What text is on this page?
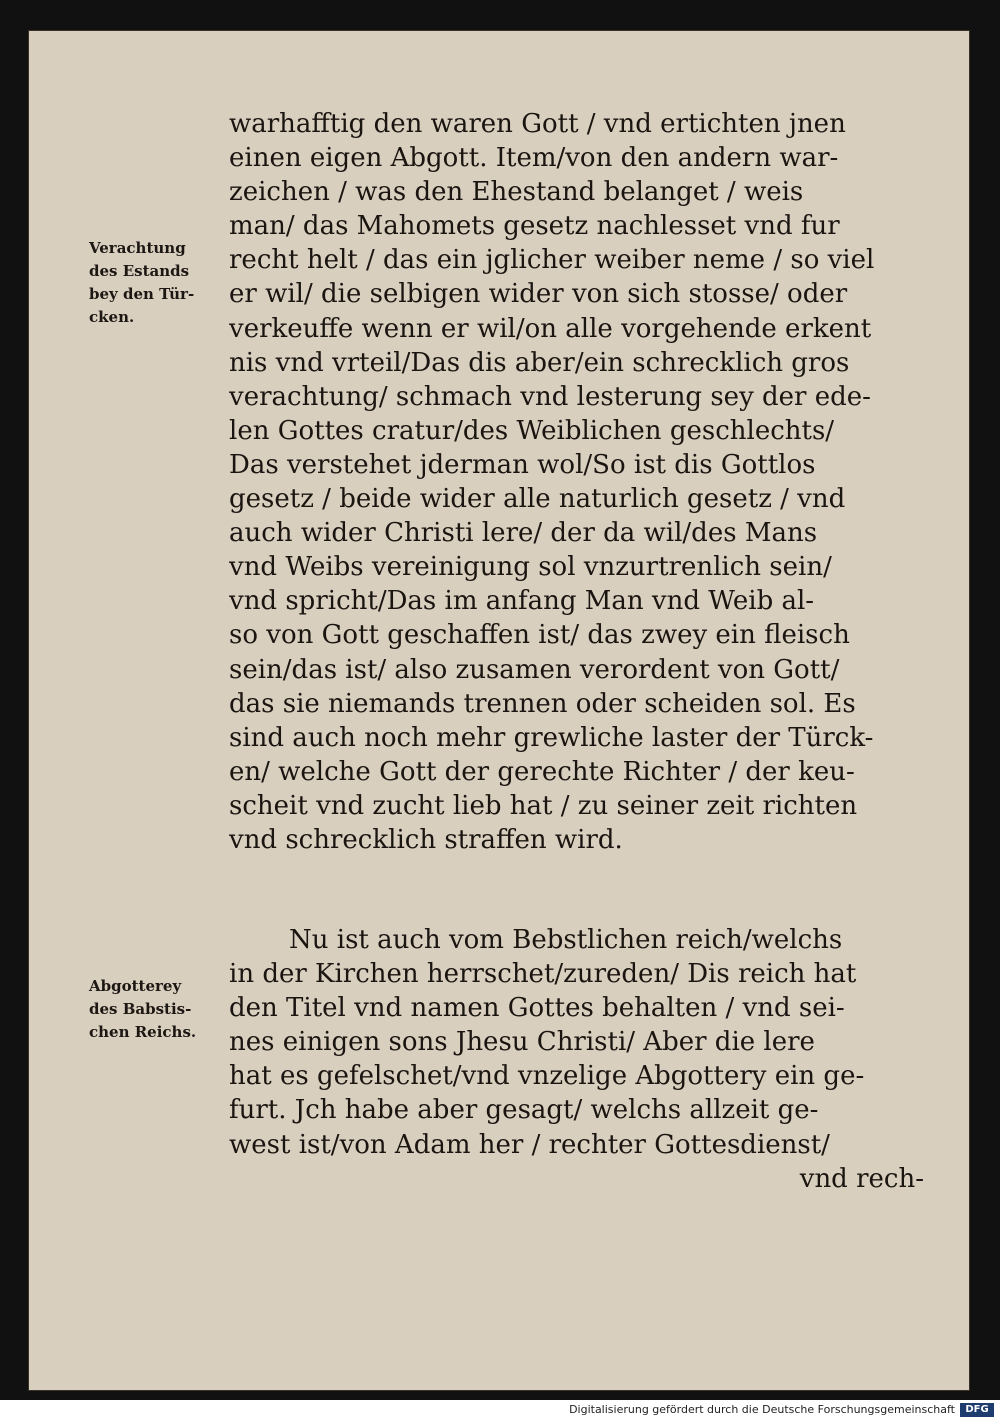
Verachtung
des Estands
bey den Tür-
cken.
Abgotterey
des Babstis-
chen Reichs.
warhafftig den waren Gott / vnd ertichten jnen
einen eigen Abgott. Item/von den andern war-
zeichen / was den Ehestand belanget / weis
man/ das Mahomets gesetz nachlesset vnd fur
recht helt / das ein jglicher weiber neme / so viel
er wil/ die selbigen wider von sich stosse/ oder
verkeuffe wenn er wil/on alle vorgehende erkent
nis vnd vrteil/Das dis aber/ein schrecklich gros
verachtung/ schmach vnd lesterung sey der ede-
len Gottes cratur/des Weiblichen geschlechts/
Das verstehet jderman wol/So ist dis Gottlos
gesetz / beide wider alle naturlich gesetz / vnd
auch wider Christi lere/ der da wil/des Mans
vnd Weibs vereinigung sol vnzurtrenlich sein/
vnd spricht/Das im anfang Man vnd Weib al-
so von Gott geschaffen ist/ das zwey ein fleisch
sein/das ist/ also zusamen verordent von Gott/
das sie niemands trennen oder scheiden sol. Es
sind auch noch mehr grewliche laster der Türck-
en/ welche Gott der gerechte Richter / der keu-
scheit vnd zucht lieb hat / zu seiner zeit richten
vnd schrecklich straffen wird.
Nu ist auch vom Bebstlichen reich/welchs
in der Kirchen herrschet/zureden/ Dis reich hat
den Titel vnd namen Gottes behalten / vnd sei-
nes einigen sons Jhesu Christi/ Aber die lere
hat es gefelschet/vnd vnzelige Abgottery ein ge-
furt. Jch habe aber gesagt/ welchs allzeit ge-
west ist/von Adam her / rechter Gottesdienst/
vnd rech-
Digitalisierung gefördert durch die Deutsche Forschungsgemeinschaft	DFG
